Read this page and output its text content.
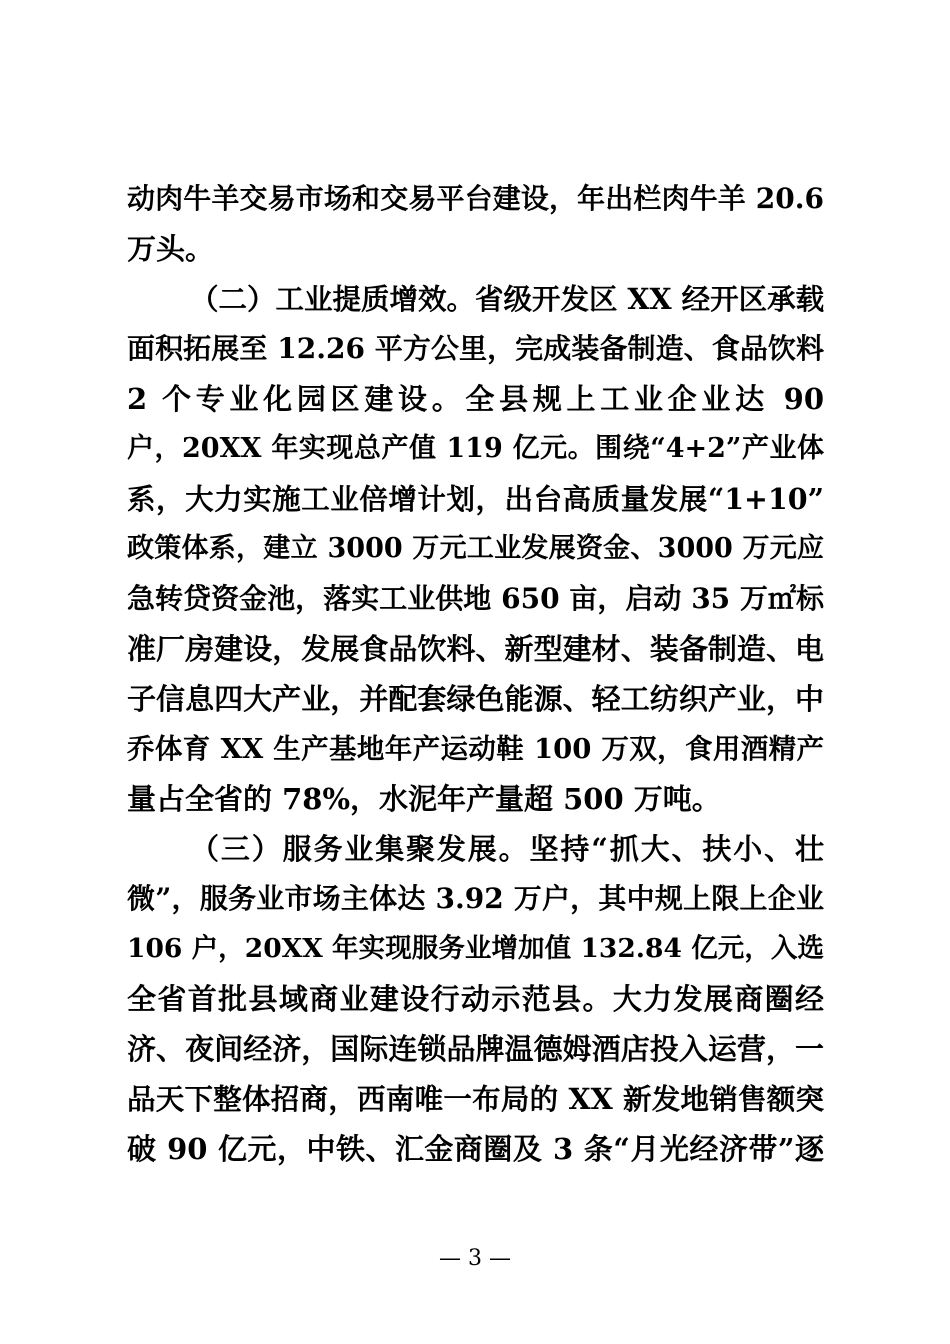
动肉牛羊交易市场和交易平台建设，年出栏肉牛羊 20.6
万头。
（二）工业提质增效。省级开发区 XX 经开区承载
面积拓展至 12.26 平方公里，完成装备制造、食品饮料
2 个专业化园区建设。全县规上工业企业达 90
户，20XX 年实现总产值 119 亿元。围绕“4+2”产业体
系，大力实施工业倍增计划，出台高质量发展“1+10”
政策体系，建立 3000 万元工业发展资金、3000 万元应
急转贷资金池，落实工业供地 650 亩，启动 35 万㎡标
准厂房建设，发展食品饮料、新型建材、装备制造、电
子信息四大产业，并配套绿色能源、轻工纺织产业，中
乔体育 XX 生产基地年产运动鞋 100 万双，食用酒精产
量占全省的 78%，水泥年产量超 500 万吨。
（三）服务业集聚发展。坚持“抓大、扶小、壮
微”，服务业市场主体达 3.92 万户，其中规上限上企业
106 户，20XX 年实现服务业增加值 132.84 亿元，入选
全省首批县域商业建设行动示范县。大力发展商圈经
济、夜间经济，国际连锁品牌温德姆酒店投入运营，一
品天下整体招商，西南唯一布局的 XX 新发地销售额突
破 90 亿元，中铁、汇金商圈及 3 条“月光经济带”逐
— 3 —
